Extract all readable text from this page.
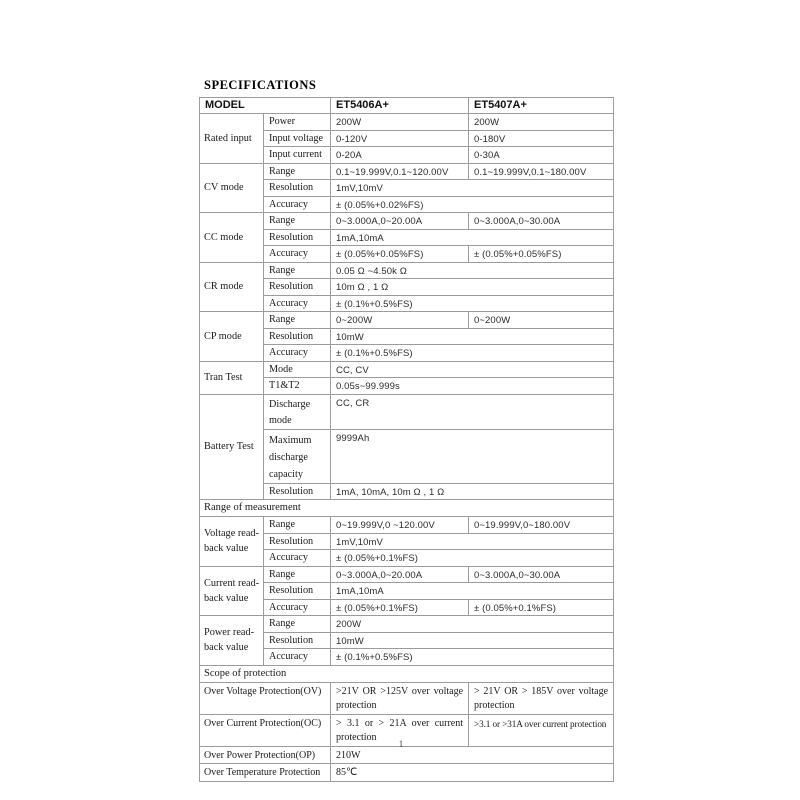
SPECIFICATIONS
MODEL		ET5406A+	ET5407A+
Rated input	Power	200W	200W
	Input voltage	0-120V	0-180V
	Input current	0-20A	0-30A
CV mode	Range	0.1~19.999V,0.1~120.00V	0.1~19.999V,0.1~180.00V
	Resolution	1mV,10mV	
	Accuracy	± (0.05%+0.02%FS)	
CC mode	Range	0~3.000A,0~20.00A	0~3.000A,0~30.00A
	Resolution	1mA,10mA	
	Accuracy	± (0.05%+0.05%FS)	± (0.05%+0.05%FS)
CR mode	Range	0.05 Ω ~4.50k Ω	
	Resolution	10m Ω , 1 Ω	
	Accuracy	± (0.1%+0.5%FS)	
CP mode	Range	0~200W	0~200W
	Resolution	10mW	
	Accuracy	± (0.1%+0.5%FS)	
Tran Test	Mode	CC, CV	
	T1&T2	0.05s~99.999s	
Battery Test	Discharge mode	CC, CR	
	Maximum discharge capacity	9999Ah	
	Resolution	1mA, 10mA, 10m Ω , 1 Ω	
Range of measurement			
Voltage read-back value	Range	0~19.999V,0 ~120.00V	0~19.999V,0~180.00V
	Resolution	1mV,10mV	
	Accuracy	± (0.05%+0.1%FS)	
Current read-back value	Range	0~3.000A,0~20.00A	0~3.000A,0~30.00A
	Resolution	1mA,10mA	
	Accuracy	± (0.05%+0.1%FS)	± (0.05%+0.1%FS)
Power read-back value	Range	200W	
	Resolution	10mW	
	Accuracy	± (0.1%+0.5%FS)	
Scope of protection			
Over Voltage Protection(OV)		>21V OR >125V over voltage protection	> 21V OR > 185V over voltage protection
Over Current Protection(OC)		> 3.1 or > 21A over current protection	>3.1 or >31A over current protection
Over Power Protection(OP)		210W	
Over Temperature Protection		85℃	
1
